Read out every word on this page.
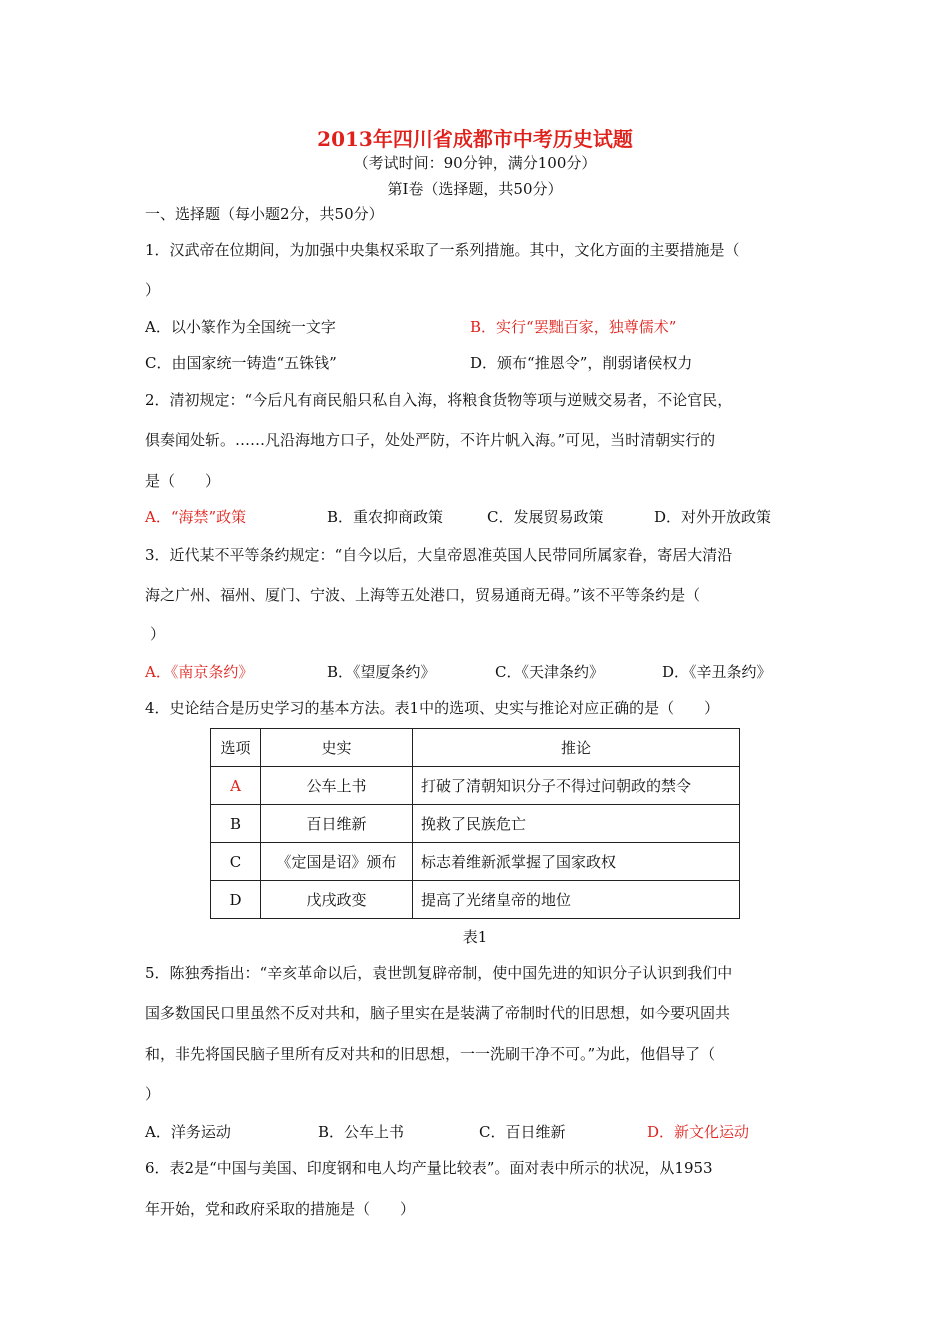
2013年四川省成都市中考历史试题
（考试时间：90分钟，满分100分）
第Ⅰ卷（选择题，共50分）
一、选择题（每小题2分，共50分）
1．汉武帝在位期间，为加强中央集权采取了一系列措施。其中，文化方面的主要措施是（
）
A．以小篆作为全国统一文字	B．实行“罢黜百家，独尊儒术”
C．由国家统一铸造“五铢钱”	D．颁布“推恩令”，削弱诸侯权力
2．清初规定：“今后凡有商民船只私自入海，将粮食货物等项与逆贼交易者，不论官民，
俱奏闻处斩。……凡沿海地方口子，处处严防，不许片帆入海。”可见，当时清朝实行的
是（　　）
A．“海禁”政策	B．重农抑商政策	C．发展贸易政策	D．对外开放政策
3．近代某不平等条约规定：“自今以后，大皇帝恩准英国人民带同所属家眷，寄居大清沿
海之广州、福州、厦门、宁波、上海等五处港口，贸易通商无碍。”该不平等条约是（
）
A．《南京条约》	B．《望厦条约》	C．《天津条约》	D．《辛丑条约》
4．史论结合是历史学习的基本方法。表1中的选项、史实与推论对应正确的是（　　）
选项	史实	推论
A	公车上书	打破了清朝知识分子不得过问朝政的禁令
B	百日维新	挽救了民族危亡
C	《定国是诏》颁布	标志着维新派掌握了国家政权
D	戊戌政变	提高了光绪皇帝的地位
表1
5．陈独秀指出：“辛亥革命以后，袁世凯复辟帝制，使中国先进的知识分子认识到我们中
国多数国民口里虽然不反对共和，脑子里实在是装满了帝制时代的旧思想，如今要巩固共
和，非先将国民脑子里所有反对共和的旧思想，一一洗刷干净不可。”为此，他倡导了（
）
A．洋务运动	B．公车上书	C．百日维新	D．新文化运动
6．表2是“中国与美国、印度钢和电人均产量比较表”。面对表中所示的状况，从1953
年开始，党和政府采取的措施是（　　）
